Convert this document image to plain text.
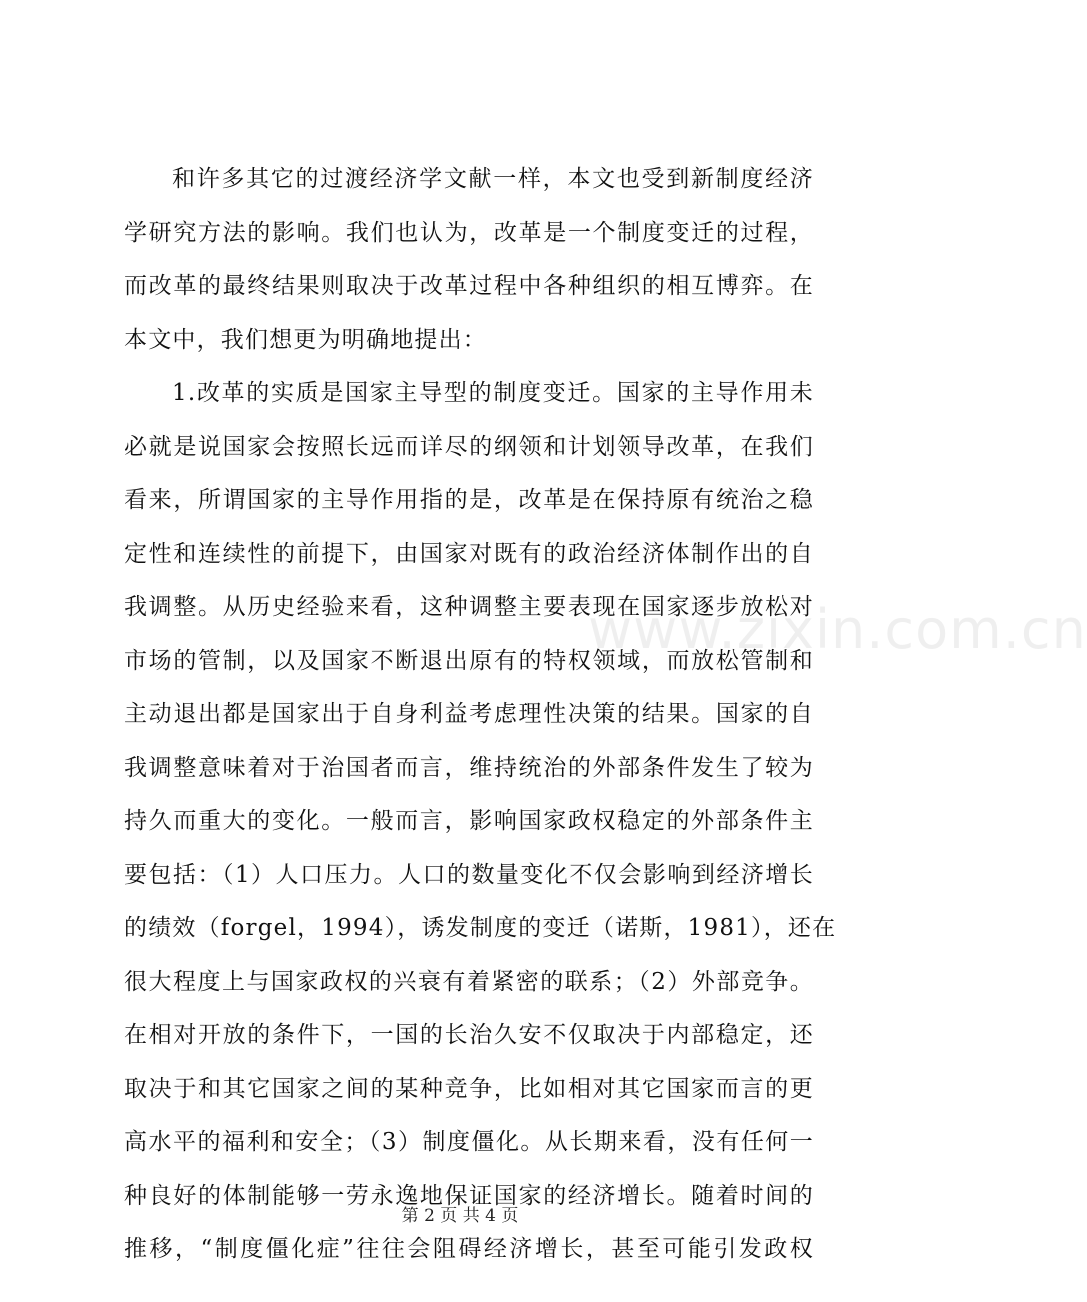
和许多其它的过渡经济学文献一样，本文也受到新制度经济
学研究方法的影响。我们也认为，改革是一个制度变迁的过程，
而改革的最终结果则取决于改革过程中各种组织的相互博弈。在
本文中，我们想更为明确地提出：
1.改革的实质是国家主导型的制度变迁。国家的主导作用未
必就是说国家会按照长远而详尽的纲领和计划领导改革，在我们
看来，所谓国家的主导作用指的是，改革是在保持原有统治之稳
定性和连续性的前提下，由国家对既有的政治经济体制作出的自
我调整。从历史经验来看，这种调整主要表现在国家逐步放松对
市场的管制，以及国家不断退出原有的特权领域，而放松管制和
主动退出都是国家出于自身利益考虑理性决策的结果。国家的自
我调整意味着对于治国者而言，维持统治的外部条件发生了较为
持久而重大的变化。一般而言，影响国家政权稳定的外部条件主
要包括：（1）人口压力。人口的数量变化不仅会影响到经济增长
的绩效（forgel，1994），诱发制度的变迁（诺斯，1981），还在
很大程度上与国家政权的兴衰有着紧密的联系；（2）外部竞争。
在相对开放的条件下，一国的长治久安不仅取决于内部稳定，还
取决于和其它国家之间的某种竞争，比如相对其它国家而言的更
高水平的福利和安全；（3）制度僵化。从长期来看，没有任何一
种良好的体制能够一劳永逸地保证国家的经济增长。随着时间的
推移，“制度僵化症”往往会阻碍经济增长，甚至可能引发政权
www.zixin.com.cn
第 2 页 共 4 页
